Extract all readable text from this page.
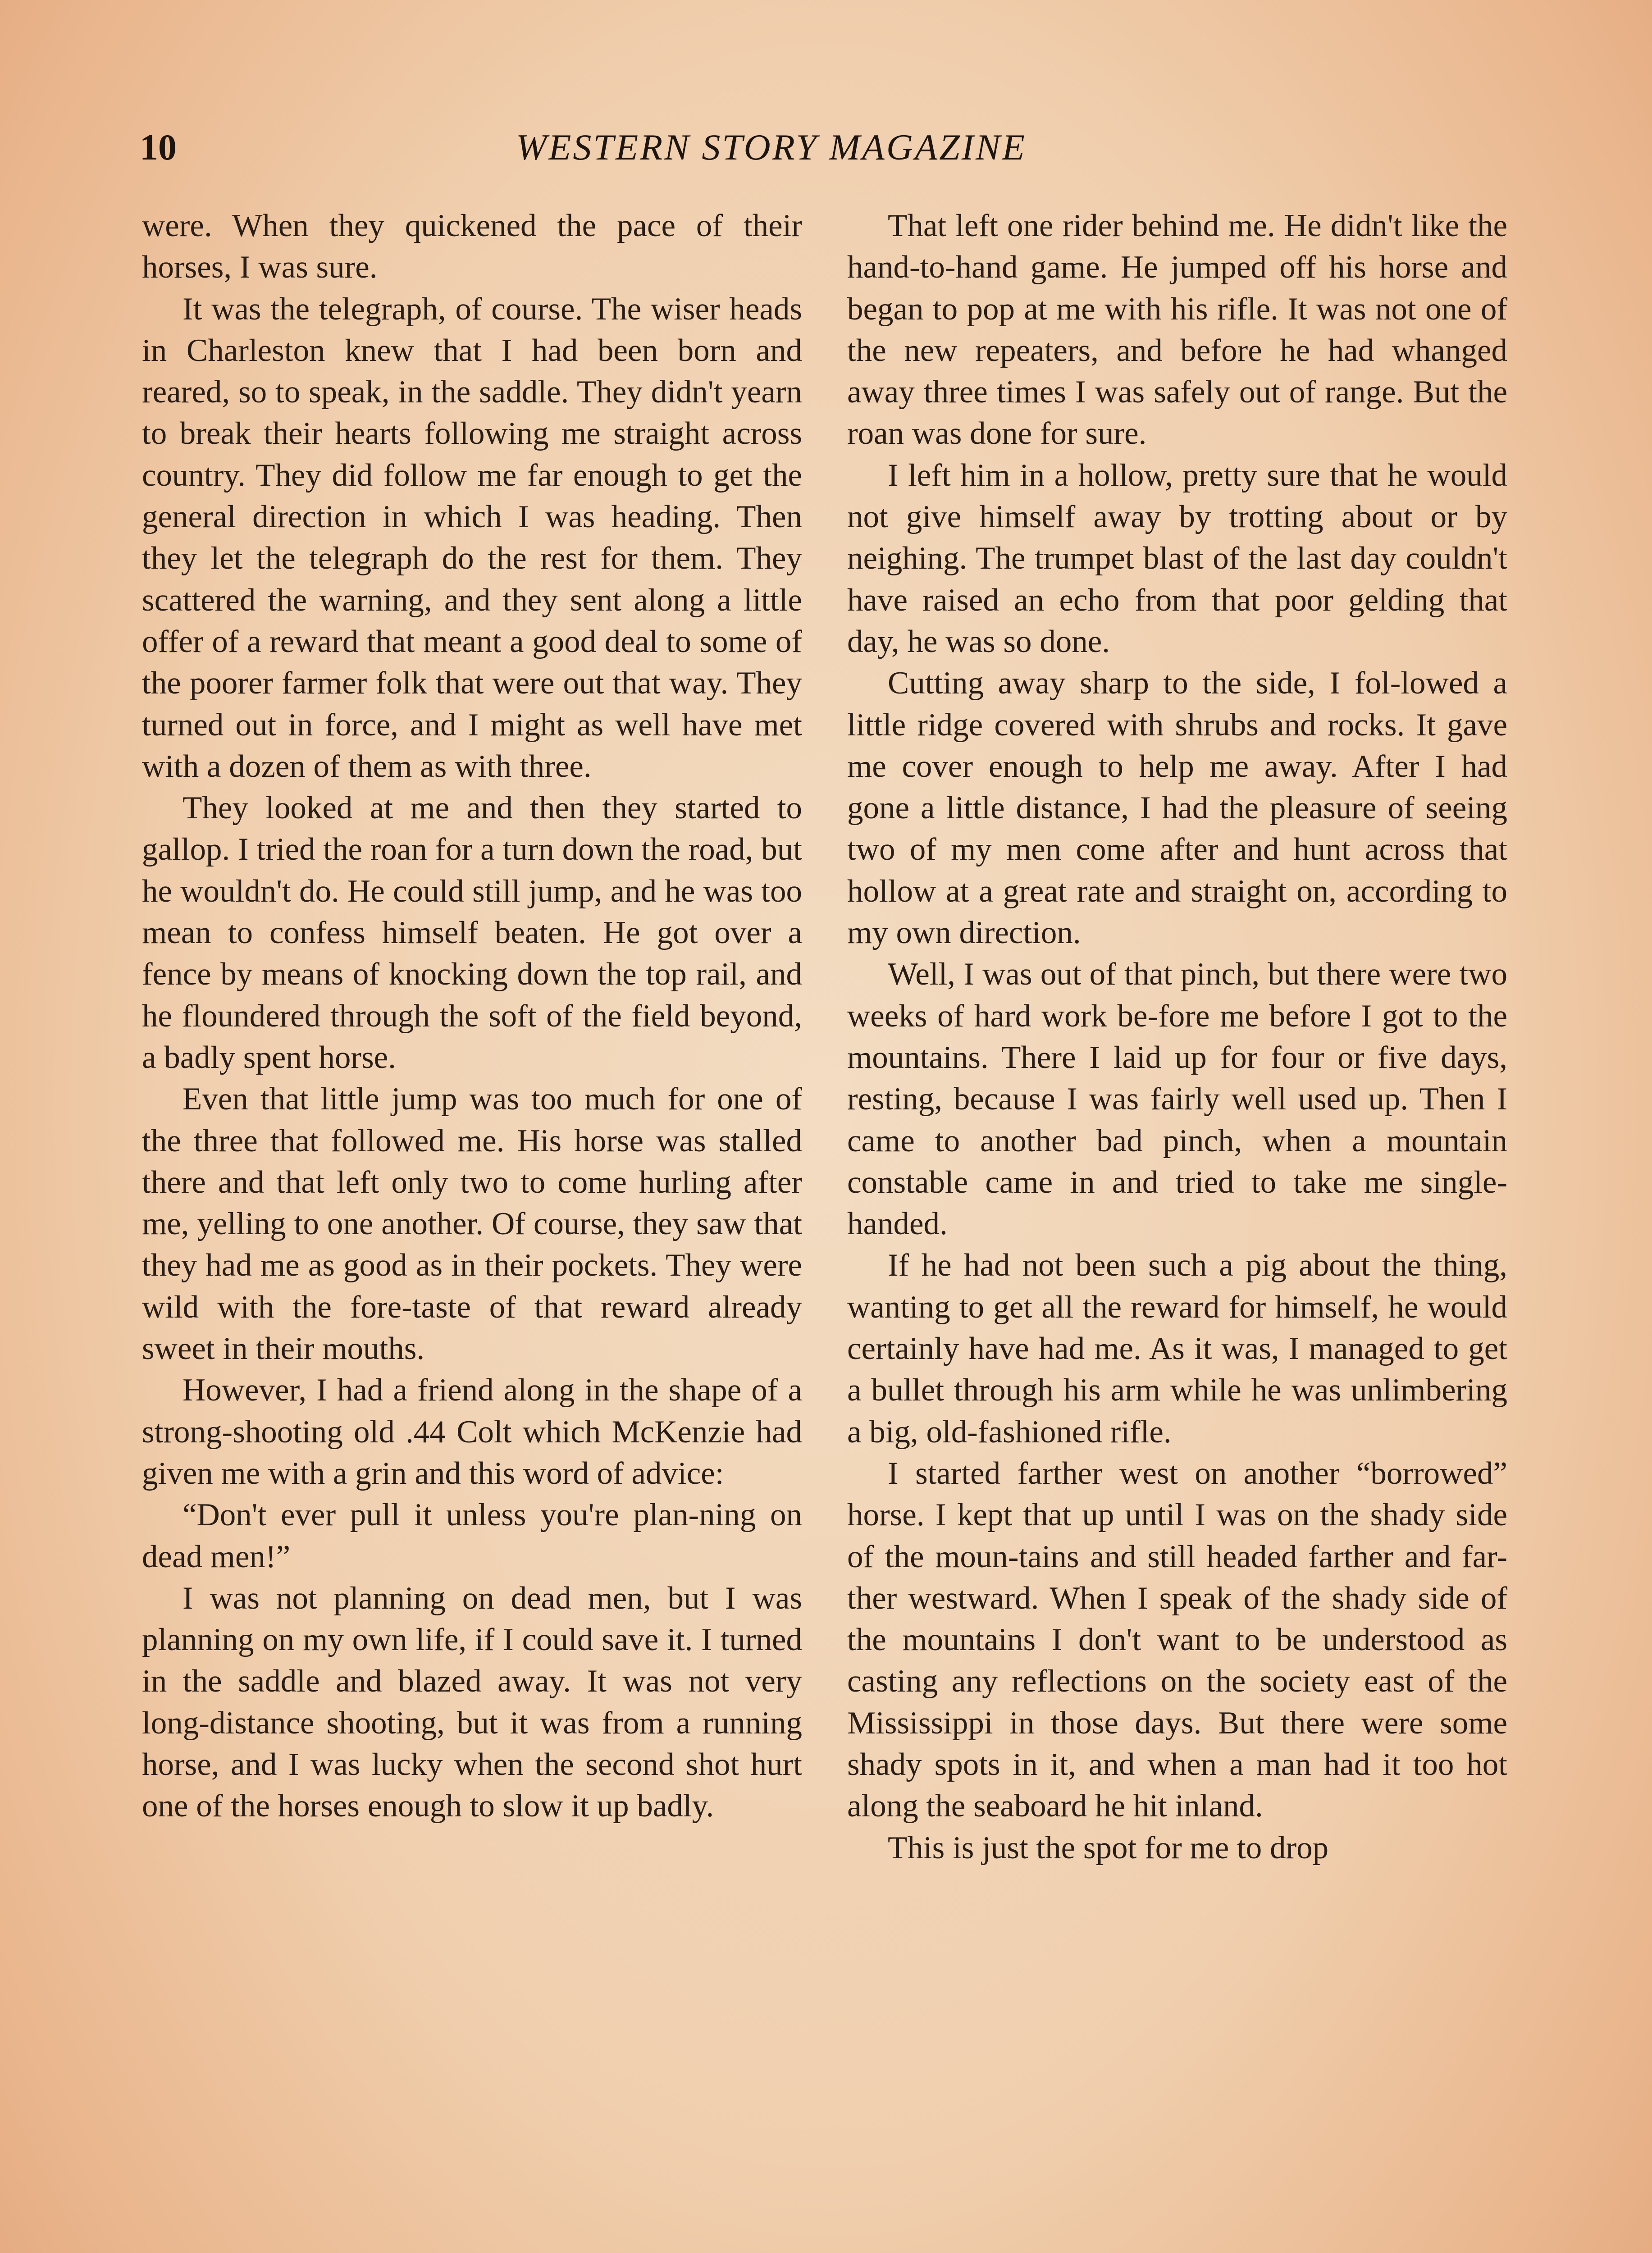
10	WESTERN STORY MAGAZINE

were. When they quickened the pace of their horses, I was sure.

It was the telegraph, of course. The wiser heads in Charleston knew that I had been born and reared, so to speak, in the saddle. They didn't yearn to break their hearts following me straight across country. They did follow me far enough to get the general direction in which I was heading. Then they let the telegraph do the rest for them. They scattered the warning, and they sent along a little offer of a reward that meant a good deal to some of the poorer farmer folk that were out that way. They turned out in force, and I might as well have met with a dozen of them as with three.

They looked at me and then they started to gallop. I tried the roan for a turn down the road, but he wouldn't do. He could still jump, and he was too mean to confess himself beaten. He got over a fence by means of knocking down the top rail, and he floundered through the soft of the field beyond, a badly spent horse.

Even that little jump was too much for one of the three that followed me. His horse was stalled there and that left only two to come hurling after me, yelling to one another. Of course, they saw that they had me as good as in their pockets. They were wild with the fore-taste of that reward already sweet in their mouths.

However, I had a friend along in the shape of a strong-shooting old .44 Colt which McKenzie had given me with a grin and this word of advice:

“Don't ever pull it unless you're plan-ning on dead men!”

I was not planning on dead men, but I was planning on my own life, if I could save it. I turned in the saddle and blazed away. It was not very long-distance shooting, but it was from a running horse, and I was lucky when the second shot hurt one of the horses enough to slow it up badly.

That left one rider behind me. He didn't like the hand-to-hand game. He jumped off his horse and began to pop at me with his rifle. It was not one of the new repeaters, and before he had whanged away three times I was safely out of range. But the roan was done for sure.

I left him in a hollow, pretty sure that he would not give himself away by trotting about or by neighing. The trumpet blast of the last day couldn't have raised an echo from that poor gelding that day, he was so done.

Cutting away sharp to the side, I fol-lowed a little ridge covered with shrubs and rocks. It gave me cover enough to help me away. After I had gone a little distance, I had the pleasure of seeing two of my men come after and hunt across that hollow at a great rate and straight on, according to my own direction.

Well, I was out of that pinch, but there were two weeks of hard work be-fore me before I got to the mountains. There I laid up for four or five days, resting, because I was fairly well used up. Then I came to another bad pinch, when a mountain constable came in and tried to take me single-handed.

If he had not been such a pig about the thing, wanting to get all the reward for himself, he would certainly have had me. As it was, I managed to get a bullet through his arm while he was unlimbering a big, old-fashioned rifle.

I started farther west on another “borrowed” horse. I kept that up until I was on the shady side of the moun-tains and still headed farther and far-ther westward. When I speak of the shady side of the mountains I don't want to be understood as casting any reflections on the society east of the Mississippi in those days. But there were some shady spots in it, and when a man had it too hot along the seaboard he hit inland.

This is just the spot for me to drop
